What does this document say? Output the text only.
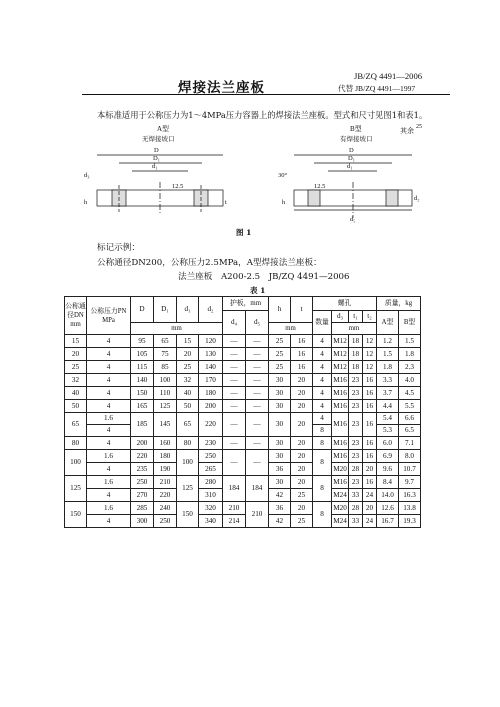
JB/ZQ 4491—2006
代替 JB/ZQ 4491—1997
焊接法兰座板
本标准适用于公称压力为1～4MPa压力容器上的焊接法兰座板。型式和尺寸见图1和表1。
A型
无焊接坡口
D
D₁
d₁
d₃
12.5
h	t
B型
有焊接坡口
其余 25
D
D₁
d₁
30°
12.5
d₅
h
d₂
图 1
标记示例：
公称通径DN200，公称压力2.5MPa，A型焊接法兰座板：
法兰座板　A200-2.5　JB/ZQ 4491—2006
表 1
公称通径DN mm	公称压力PN MPa	D	D₁	d₁	d₂	护板，mm		h	t	螺孔				质量，kg	
						d₄	d₅			数量	d₃	t₁	t₂	A型	B型
		mm						mm			mm				
15	4	95	65	15	120	—	—	25	16	4	M12	18	12	1.2	1.5
20	4	105	75	20	130	—	—	25	16	4	M12	18	12	1.5	1.8
25	4	115	85	25	140	—	—	25	16	4	M12	18	12	1.8	2.3
32	4	140	100	32	170	—	—	30	20	4	M16	23	16	3.3	4.0
40	4	150	110	40	180	—	—	30	20	4	M16	23	16	3.7	4.5
50	4	165	125	50	200	—	—	30	20	4	M16	23	16	4.4	5.5
65	1.6	185	145	65	220	—	—	30	20	4	M16	23	16	5.4	6.6
	4									8				5.3	6.5
80	4	200	160	80	230	—	—	30	20	8	M16	23	16	6.0	7.1
100	1.6	220	180	100	250	—	—	30	20	8	M16	23	16	6.9	8.0
	4	235	190		265			36	20		M20	28	20	9.6	10.7
125	1.6	250	210	125	280	184	184	30	20	8	M16	23	16	8.4	9.7
	4	270	220		310			42	25		M24	33	24	14.0	16.3
150	1.6	285	240	150	320	210	210	36	20	8	M20	28	20	12.6	13.8
	4	300	250		340	214		42	25		M24	33	24	16.7	19.3
